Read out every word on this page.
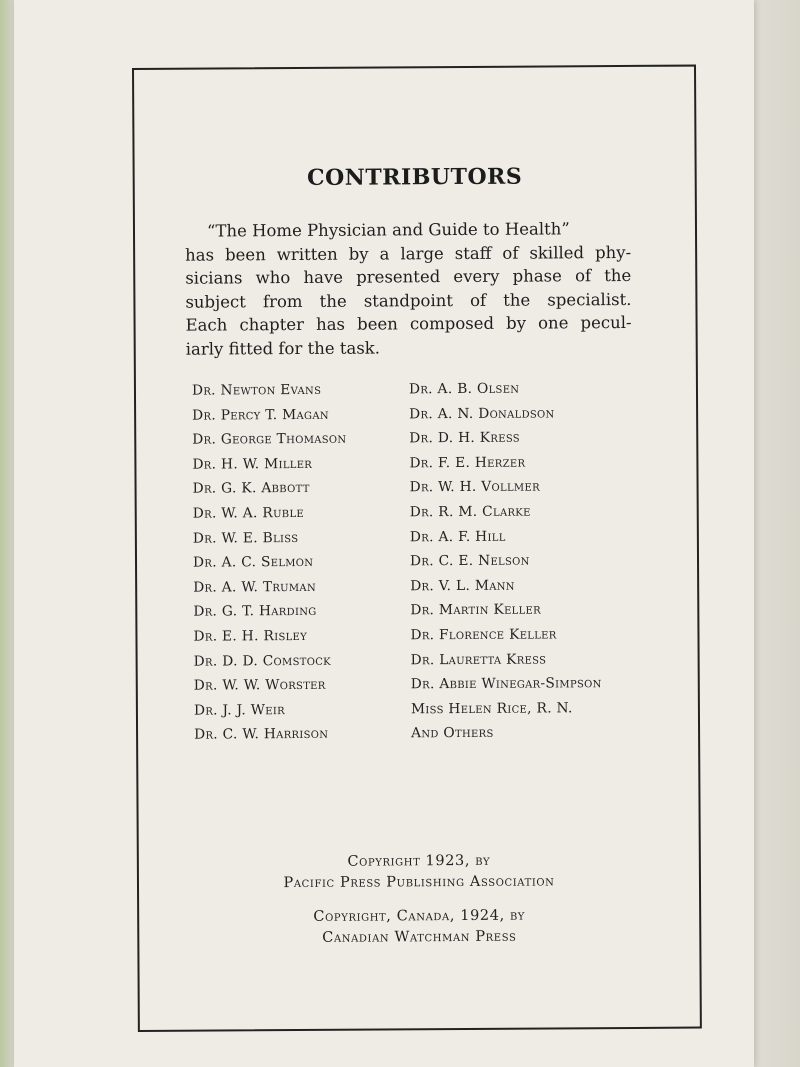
CONTRIBUTORS
“The Home Physician and Guide to Health”
has been written by a large staff of skilled phy-
sicians who have presented every phase of the
subject from the standpoint of the specialist.
Each chapter has been composed by one pecul-
iarly fitted for the task.
Dr. Newton Evans
Dr. Percy T. Magan
Dr. George Thomason
Dr. H. W. Miller
Dr. G. K. Abbott
Dr. W. A. Ruble
Dr. W. E. Bliss
Dr. A. C. Selmon
Dr. A. W. Truman
Dr. G. T. Harding
Dr. E. H. Risley
Dr. D. D. Comstock
Dr. W. W. Worster
Dr. J. J. Weir
Dr. C. W. Harrison
Dr. A. B. Olsen
Dr. A. N. Donaldson
Dr. D. H. Kress
Dr. F. E. Herzer
Dr. W. H. Vollmer
Dr. R. M. Clarke
Dr. A. F. Hill
Dr. C. E. Nelson
Dr. V. L. Mann
Dr. Martin Keller
Dr. Florence Keller
Dr. Lauretta Kress
Dr. Abbie Winegar-Simpson
Miss Helen Rice, R. N.
And Others
Copyright 1923, by
Pacific Press Publishing Association
Copyright, Canada, 1924, by
Canadian Watchman Press
